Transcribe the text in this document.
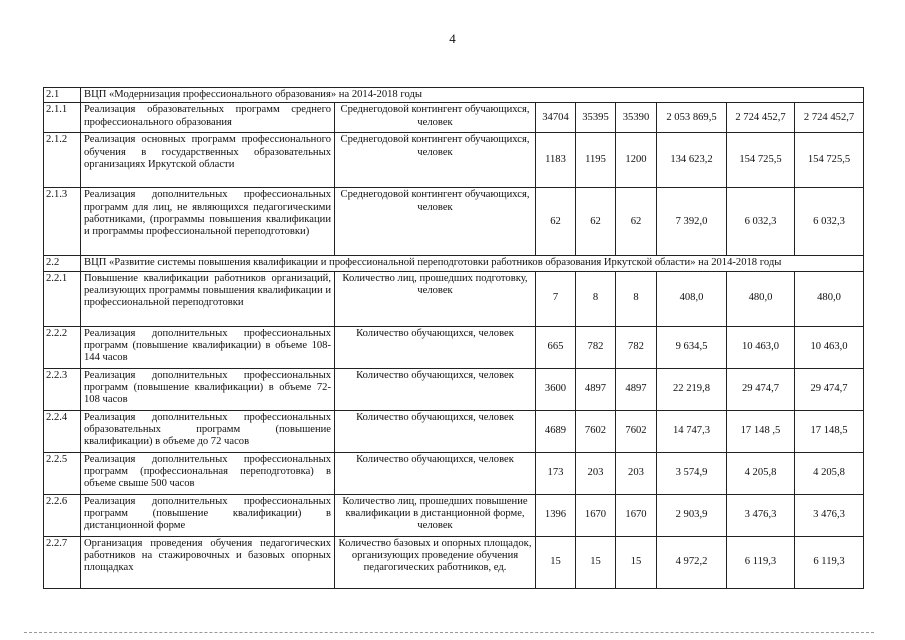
4
2.1	ВЦП «Модернизация профессионального образования» на 2014-2018 годы							
2.1.1	Реализация образовательных программ среднего профессионального образования	Среднегодовой контингент обучающихся, человек	34704	35395	35390	2 053 869,5	2 724 452,7	2 724 452,7
2.1.2	Реализация основных программ профессионального обучения в государственных образовательных организациях Иркутской области	Среднегодовой контингент обучающихся, человек	1183	1195	1200	134 623,2	154 725,5	154 725,5
2.1.3	Реализация дополнительных профессиональных программ для лиц, не являющихся педагогическими работниками, (программы повышения квалификации и программы профессиональной переподготовки)	Среднегодовой контингент обучающихся, человек	62	62	62	7 392,0	6 032,3	6 032,3
2.2	ВЦП «Развитие системы повышения квалификации и профессиональной переподготовки работников образования Иркутской области» на 2014-2018 годы							
2.2.1	Повышение квалификации работников организаций, реализующих программы повышения квалификации и профессиональной переподготовки	Количество лиц, прошедших подготовку, человек	7	8	8	408,0	480,0	480,0
2.2.2	Реализация дополнительных профессиональных программ (повышение квалификации) в объеме 108-144 часов	Количество обучающихся, человек	665	782	782	9 634,5	10 463,0	10 463,0
2.2.3	Реализация дополнительных профессиональных программ (повышение квалификации) в объеме 72-108 часов	Количество обучающихся, человек	3600	4897	4897	22 219,8	29 474,7	29 474,7
2.2.4	Реализация дополнительных профессиональных образовательных программ (повышение квалификации) в объеме до 72 часов	Количество обучающихся, человек	4689	7602	7602	14 747,3	17 148 ,5	17 148,5
2.2.5	Реализация дополнительных профессиональных программ (профессиональная переподготовка) в объеме свыше 500 часов	Количество обучающихся, человек	173	203	203	3 574,9	4 205,8	4 205,8
2.2.6	Реализация дополнительных профессиональных программ (повышение квалификации) в дистанционной форме	Количество лиц, прошедших повышение квалификации в дистанционной форме, человек	1396	1670	1670	2 903,9	3 476,3	3 476,3
2.2.7	Организация проведения обучения педагогических работников на стажировочных и базовых опорных площадках	Количество базовых и опорных площадок, организующих проведение обучения педагогических работников, ед.	15	15	15	4 972,2	6 119,3	6 119,3
